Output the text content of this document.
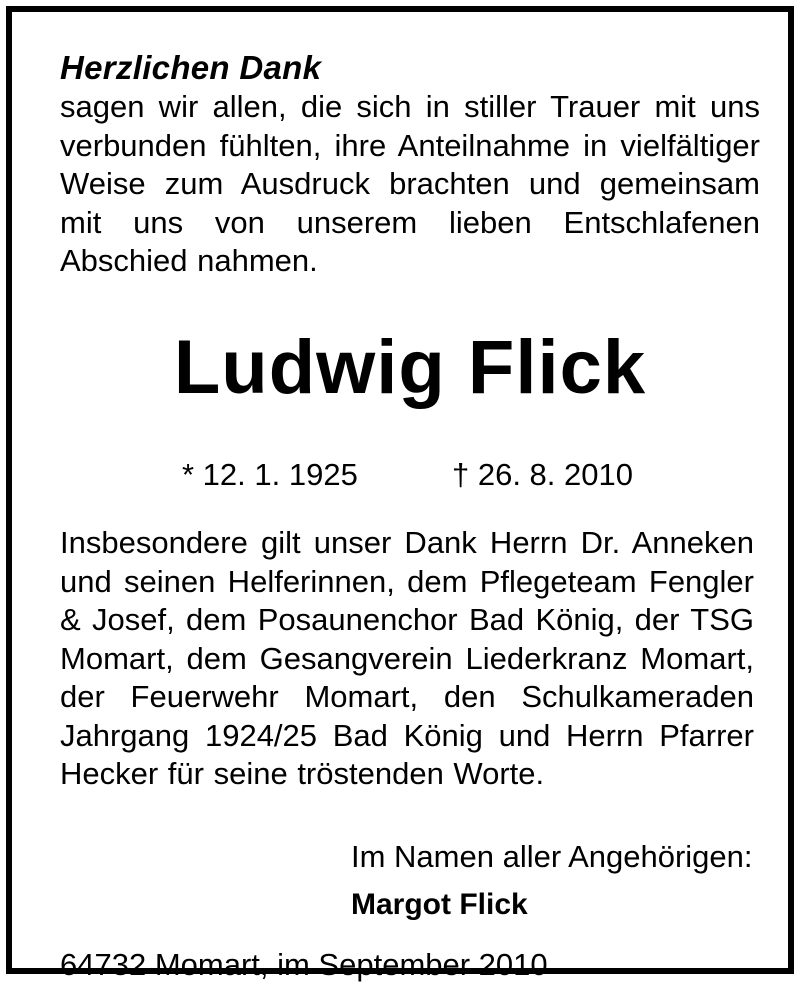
Herzlichen Dank

sagen wir allen, die sich in stiller Trauer mit uns verbunden fühlten, ihre Anteilnahme in vielfältiger Weise zum Ausdruck brachten und gemeinsam mit uns von unserem lieben Entschlafenen Abschied nahmen.

Ludwig Flick
* 12. 1. 1925	† 26. 8. 2010

Insbesondere gilt unser Dank Herrn Dr. Anneken und seinen Helferinnen, dem Pflegeteam Fengler & Josef, dem Posaunenchor Bad König, der TSG Momart, dem Gesangverein Liederkranz Momart, der Feuerwehr Momart, den Schulkameraden Jahrgang 1924/25 Bad König und Herrn Pfarrer Hecker für seine tröstenden Worte.

Im Namen aller Angehörigen:
Margot Flick
64732 Momart, im September 2010
